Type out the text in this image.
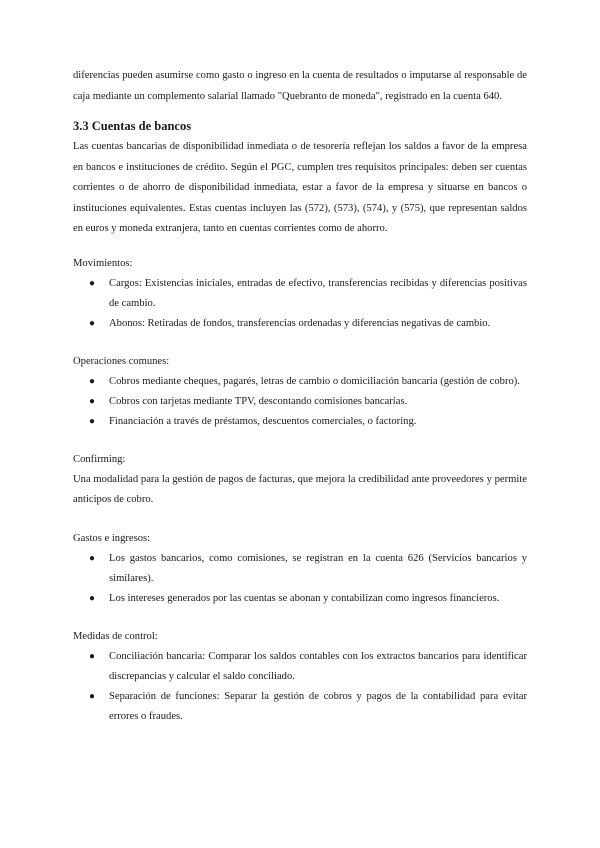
diferencias pueden asumirse como gasto o ingreso en la cuenta de resultados o imputarse al responsable de caja mediante un complemento salarial llamado "Quebranto de moneda", registrado en la cuenta 640.

3.3 Cuentas de bancos

Las cuentas bancarias de disponibilidad inmediata o de tesorería reflejan los saldos a favor de la empresa en bancos e instituciones de crédito. Según el PGC, cumplen tres requisitos principales: deben ser cuentas corrientes o de ahorro de disponibilidad inmediata, estar a favor de la empresa y situarse en bancos o instituciones equivalentes. Estas cuentas incluyen las (572), (573), (574), y (575), que representan saldos en euros y moneda extranjera, tanto en cuentas corrientes como de ahorro.

Movimientos:
● Cargos: Existencias iniciales, entradas de efectivo, transferencias recibidas y diferencias positivas de cambio.
● Abonos: Retiradas de fondos, transferencias ordenadas y diferencias negativas de cambio.
Operaciones comunes:
● Cobros mediante cheques, pagarés, letras de cambio o domiciliación bancaria (gestión de cobro).
● Cobros con tarjetas mediante TPV, descontando comisiones bancarias.
● Financiación a través de préstamos, descuentos comerciales, o factoring.
Confirming:

Una modalidad para la gestión de pagos de facturas, que mejora la credibilidad ante proveedores y permite anticipos de cobro.

Gastos e ingresos:
● Los gastos bancarios, como comisiones, se registran en la cuenta 626 (Servicios bancarios y similares).
● Los intereses generados por las cuentas se abonan y contabilizan como ingresos financieros.
Medidas de control:
● Conciliación bancaria: Comparar los saldos contables con los extractos bancarios para identificar discrepancias y calcular el saldo conciliado.
● Separación de funciones: Separar la gestión de cobros y pagos de la contabilidad para evitar errores o fraudes.
